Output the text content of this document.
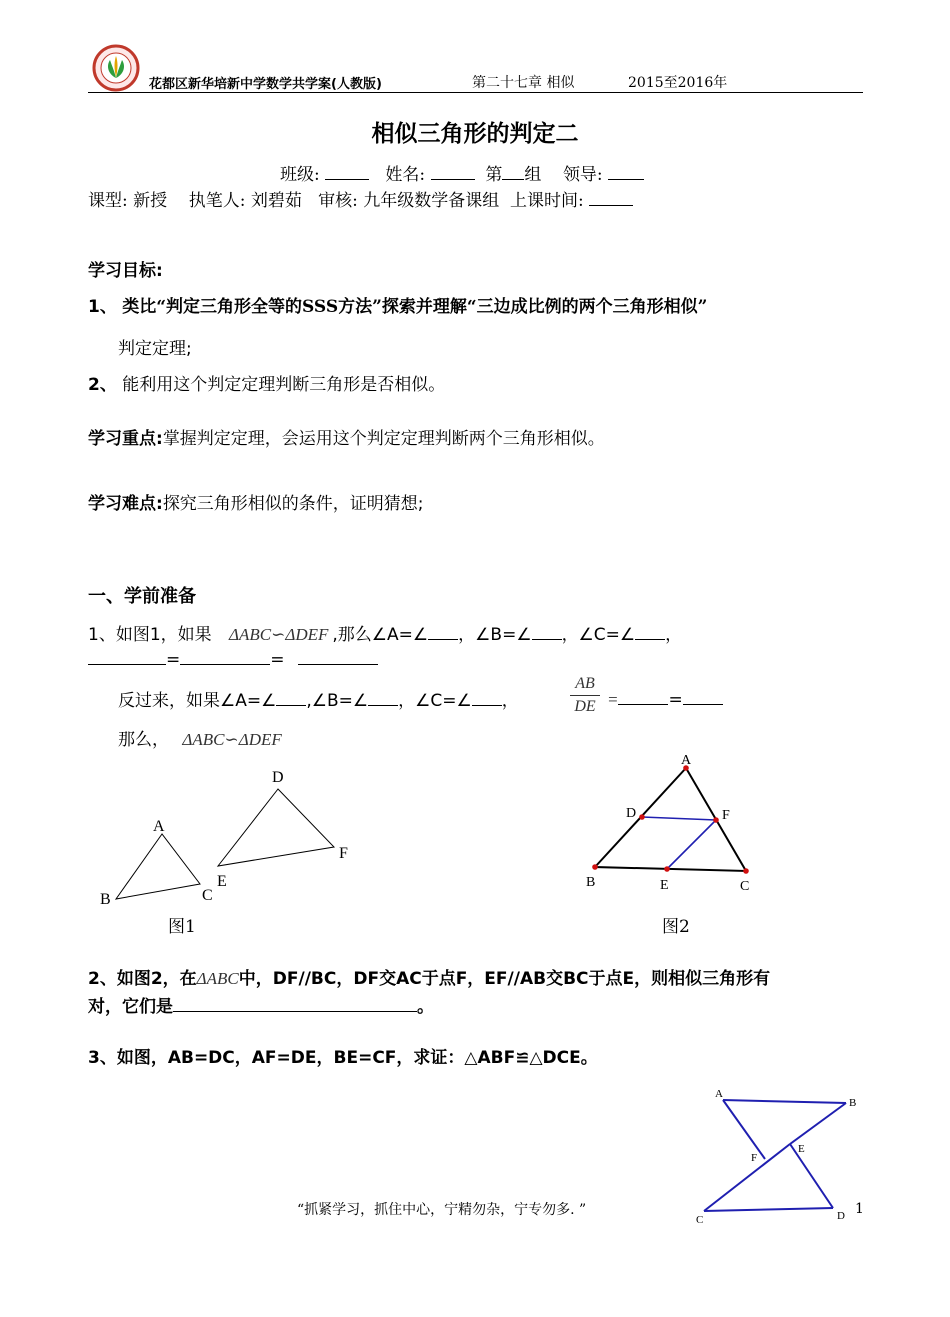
花都区新华培新中学数学共学案(人教版)	第二十七章 相似	2015至2016年
相似三角形的判定二
班级:	姓名:	第 组 领导:
课型: 新授    执笔人: 刘碧茹   审核: 九年级数学备课组  上课时间:
学习目标:
1、 类比“判定三角形全等的SSS方法”探索并理解“三边成比例的两个三角形相似”
判定定理;
2、 能利用这个判定定理判断三角形是否相似。
学习重点:掌握判定定理，会运用这个判定定理判断两个三角形相似。
学习难点:探究三角形相似的条件，证明猜想;
一、学前准备
1、如图1，如果 ΔABC∽ΔDEF ,那么∠A=∠ ，∠B=∠ ，∠C=∠ ，
=	=
反过来，如果∠A=∠ ,∠B=∠ ，∠C=∠ ，
AB
DE =	=
那么， ΔABC∽ΔDEF
A
B	C
D
E
F
图1
A
B	C
D
E
F
图2
2、如图2，在ΔABC中，DF//BC，DF交AC于点F，EF//AB交BC于点E，则相似三角形有
对，它们是	。
3、如图，AB=DC，AF=DE，BE=CF，求证：△ABF≌△DCE。
A
B
C	D
E
F
“抓紧学习，抓住中心，宁精勿杂，宁专勿多. ”	1
